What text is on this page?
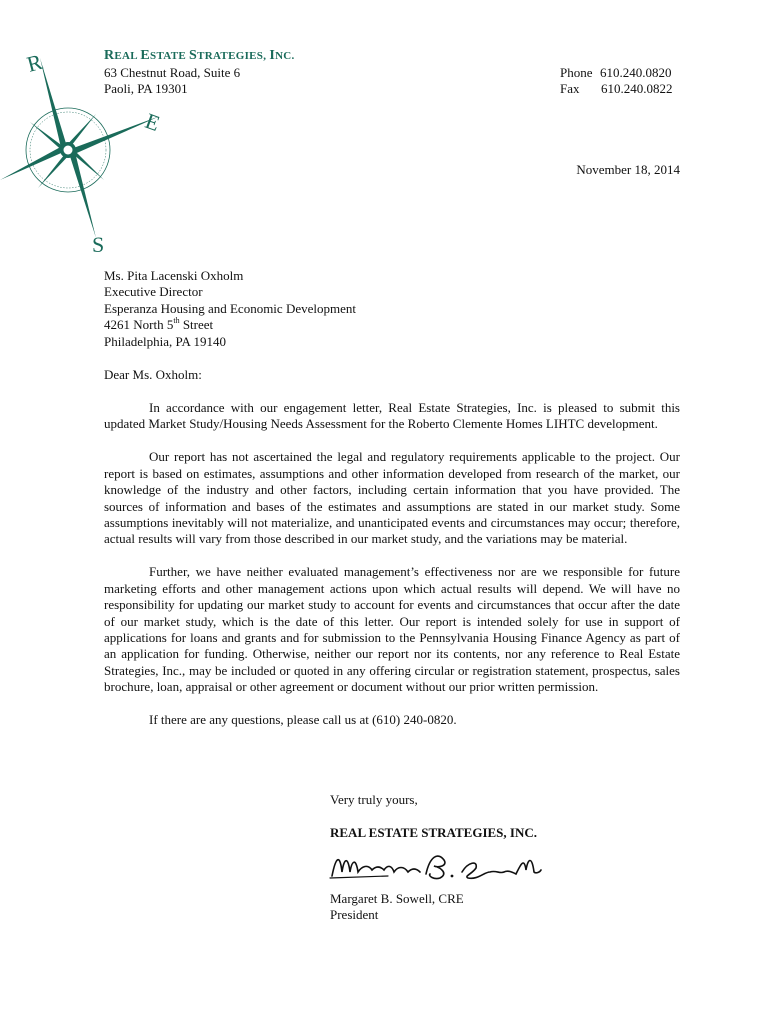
R
E
S
REAL ESTATE STRATEGIES, INC.
63 Chestnut Road, Suite 6
Paoli, PA 19301
Phone 610.240.0820
Fax 610.240.0822
November 18, 2014
Ms. Pita Lacenski Oxholm
Executive Director
Esperanza Housing and Economic Development
4261 North 5th Street
Philadelphia, PA 19140
Dear Ms. Oxholm:

In accordance with our engagement letter, Real Estate Strategies, Inc. is pleased to submit this updated Market Study/Housing Needs Assessment for the Roberto Clemente Homes LIHTC development.

Our report has not ascertained the legal and regulatory requirements applicable to the project. Our report is based on estimates, assumptions and other information developed from research of the market, our knowledge of the industry and other factors, including certain information that you have provided. The sources of information and bases of the estimates and assumptions are stated in our market study. Some assumptions inevitably will not materialize, and unanticipated events and circumstances may occur; therefore, actual results will vary from those described in our market study, and the variations may be material.

Further, we have neither evaluated management’s effectiveness nor are we responsible for future marketing efforts and other management actions upon which actual results will depend. We will have no responsibility for updating our market study to account for events and circumstances that occur after the date of our market study, which is the date of this letter. Our report is intended solely for use in support of applications for loans and grants and for submission to the Pennsylvania Housing Finance Agency as part of an application for funding. Otherwise, neither our report nor its contents, nor any reference to Real Estate Strategies, Inc., may be included or quoted in any offering circular or registration statement, prospectus, sales brochure, loan, appraisal or other agreement or document without our prior written permission.

If there are any questions, please call us at (610) 240-0820.

Very truly yours,
REAL ESTATE STRATEGIES, INC.
Margaret B. Sowell, CRE
President
